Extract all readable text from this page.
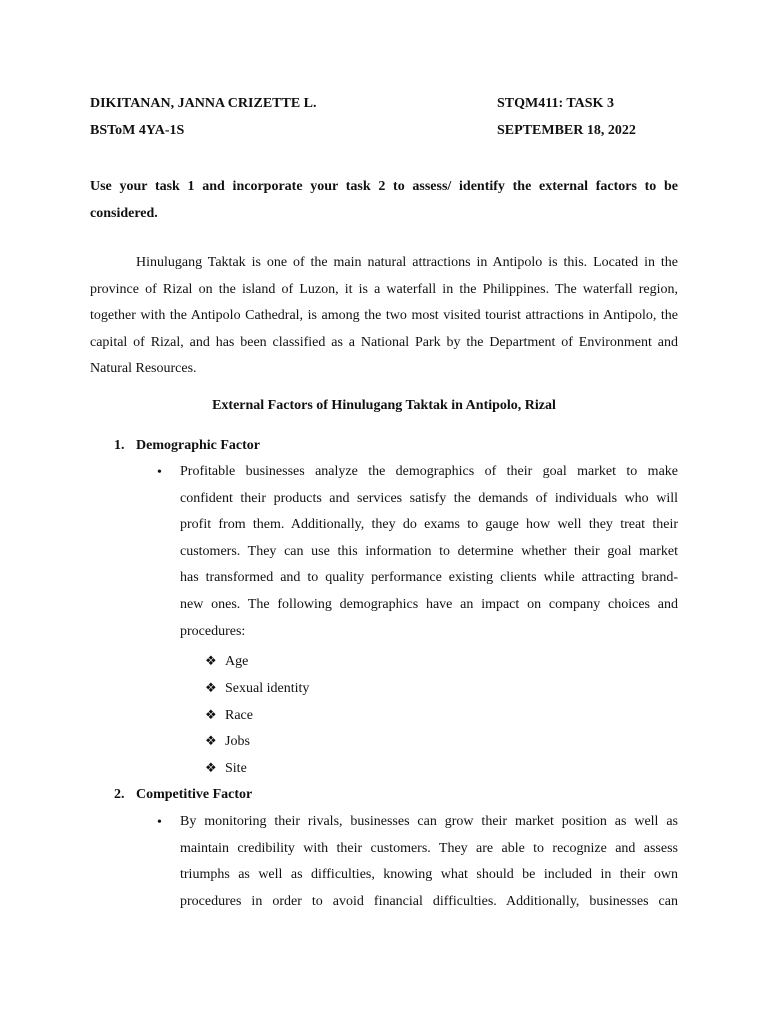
DIKITANAN, JANNA CRIZETTE L.	STQM411: TASK 3
BSToM 4YA-1S	SEPTEMBER 18, 2022
Use your task 1 and incorporate your task 2 to assess/ identify the external factors to be considered.
Hinulugang Taktak is one of the main natural attractions in Antipolo is this. Located in the province of Rizal on the island of Luzon, it is a waterfall in the Philippines. The waterfall region, together with the Antipolo Cathedral, is among the two most visited tourist attractions in Antipolo, the capital of Rizal, and has been classified as a National Park by the Department of Environment and Natural Resources.
External Factors of Hinulugang Taktak in Antipolo, Rizal
1. Demographic Factor
• Profitable businesses analyze the demographics of their goal market to make
confident their products and services satisfy the demands of individuals who will
profit from them. Additionally, they do exams to gauge how well they treat their
customers. They can use this information to determine whether their goal market
has transformed and to quality performance existing clients while attracting brand-
new ones. The following demographics have an impact on company choices and
procedures:
❖ Age
❖ Sexual identity
❖ Race
❖ Jobs
❖ Site
2. Competitive Factor
• By monitoring their rivals, businesses can grow their market position as well as
maintain credibility with their customers. They are able to recognize and assess
triumphs as well as difficulties, knowing what should be included in their own
procedures in order to avoid financial difficulties. Additionally, businesses can
